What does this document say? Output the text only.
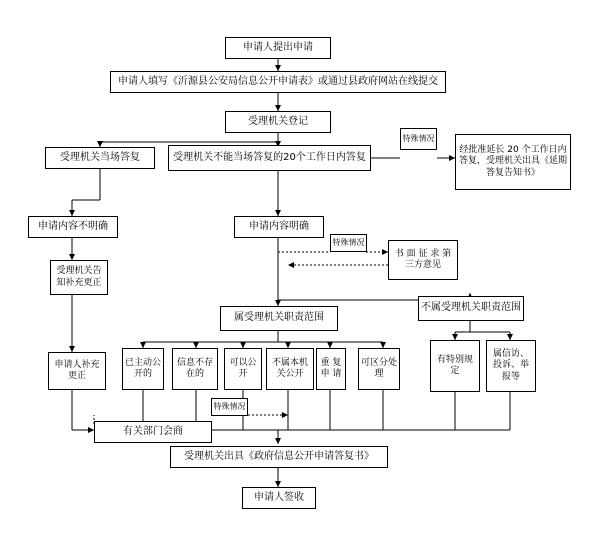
申请人提出申请
申请人填写《沂源县公安局信息公开申请表》或通过县政府网站在线提交
受理机关登记
受理机关当场答复	受理机关不能当场答复的20个工作日内答复
特殊情况
经批准延长 20 个工作日内答复，受理机关出具《延期答复告知书》
申请内容不明确	申请内容明确
特殊情况
书 面 征 求 第三方意见
受理机关告知补充更正
属受理机关职责范围
不属受理机关职责范围
申请人补充更正
已主动公开的
信息不存在的
可以公开
不属本机关公开
重 复 申 请
可区分处理
有特别规定
属信访、投诉、举报等
特殊情况
有关部门会商
受理机关出具《政府信息公开申请答复书》
申请人签收
